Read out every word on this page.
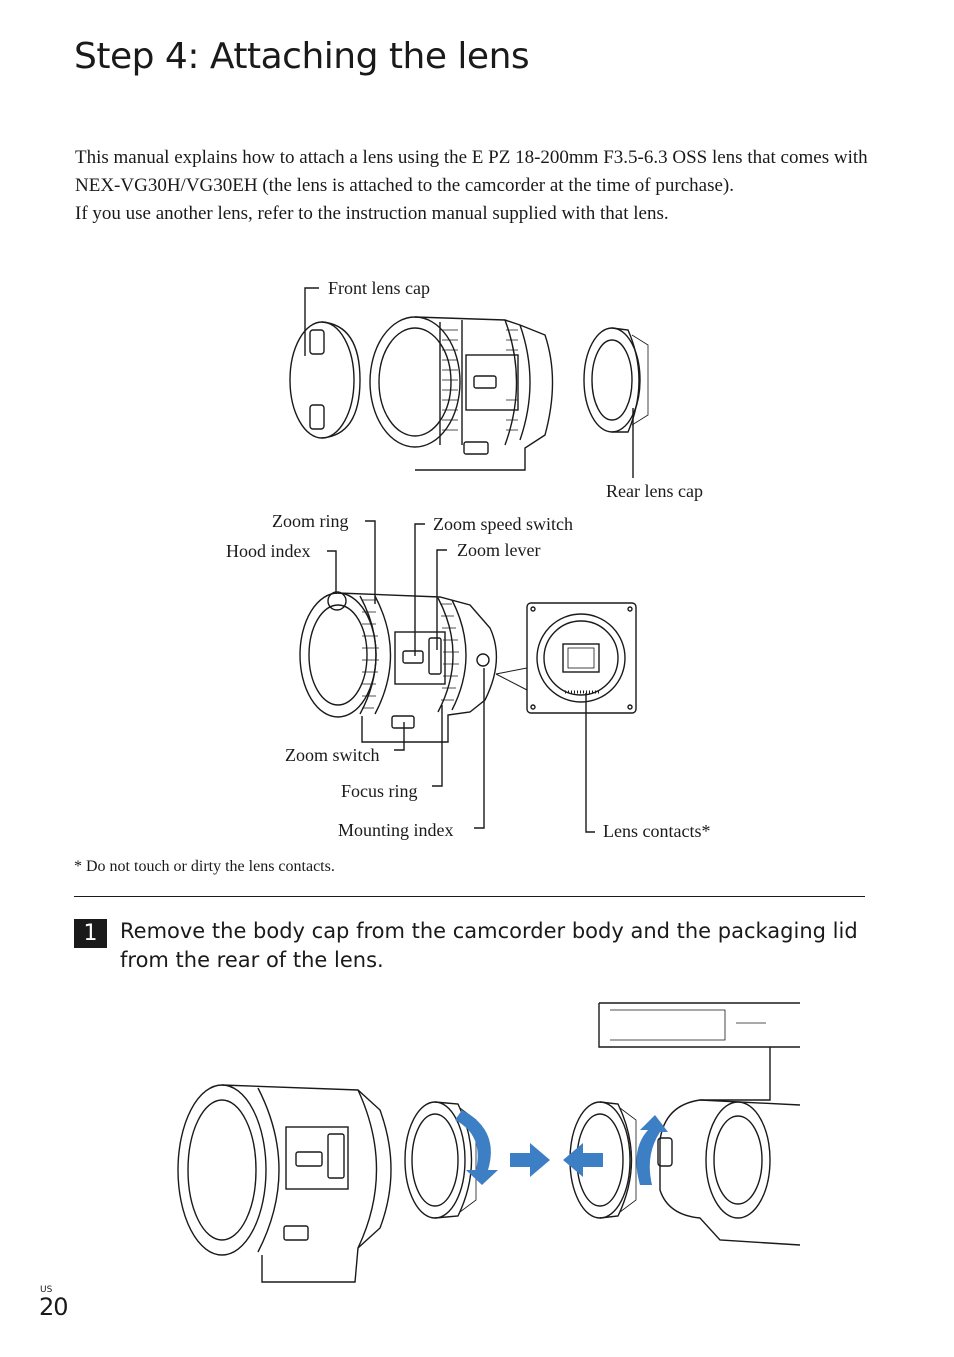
Step 4: Attaching the lens

This manual explains how to attach a lens using the E PZ 18-200mm F3.5-6.3 OSS lens that comes with NEX-VG30H/VG30EH (the lens is attached to the camcorder at the time of purchase).

If you use another lens, refer to the instruction manual supplied with that lens.

Front lens cap
Rear lens cap
Zoom ring
Hood index
Zoom speed switch
Zoom lever
Zoom switch
Focus ring
Mounting index	Lens contacts*
* Do not touch or dirty the lens contacts.
1	Remove the body cap from the camcorder body and the packaging lid from the rear of the lens.

US
20
